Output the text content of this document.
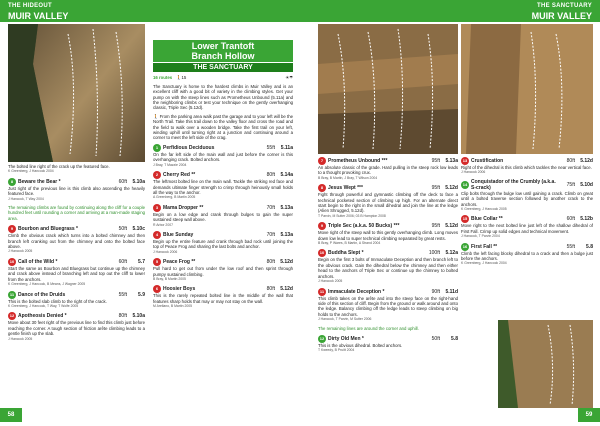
THE HIDEOUT
MUIR VALLEY
THE SANCTUARY
MUIR VALLEY
The bolted line right of the crack up the featured face.
K Greenberg, J Hancock 2004
8 Beware the Bear *	60ft	5.10a
Just right of the previous line is this climb also ascending the heavily featured face.
J Hancock, T Way 2004
The remaining climbs are found by continuing along the cliff for a couple hundred feet until rounding a corner and arriving at a man-made staging area.
9 Bourbon and Bluegrass *	50ft	5.10c
Climb the obvious crack which turns into a bolted chimney and then branch left cranking out from the chimney and onto the bolted face above.
J Hancock 2005
10 Call of the Wild *	60ft	5.7
Start the same as Bourbon and Bluegrass but continue up the chimney and crack above instead of branching left and top out the cliff to lower from the anchors.
K Greenberg, J Hancock, B Means, J Wagner 2005
11 Dance of the Druids	55ft	5.9
This is the bolted slab climb to the right of the crack.
K Greenberg, J Hancock, T Way, T Wolfe 2005
12 Apotheosis Denied *	80ft	5.10a
Move about 30 feet right of the previous line to find this climb just before reaching the corner. A tough section of friction arête climbing leads to a gentle finish up the slab.
J Hancock 2005
Lower Trantoft
Branch Hollow
THE SANCTUARY
16 routes 🚶 15	☀☂
The Sanctuary is home to the hardest climbs in Muir Valley and is an excellent cliff with a good bit of variety in the climbing styles. Get your pump on with the steep lines such as Prometheus Unbound (5.11a) and the neighboring climbs or test your technique on the gently overhanging classic, Triple Sec (5.12d).
🚶 From the parking area walk past the garage and to your left will be the North Trail. Take this trail down to the valley floor and cross the road and the field to walk over a wooden bridge. Take the first trail on your left, winding uphill until turning right at a junction and continuing around a corner to meet the left side of the crag.
1 Perfidious Deciduous	55ft	5.11a
On the far left side of the main wall and just before the corner is this overhanging crack. Bolted anchors.
J Bray, T Mazzie 2004
2 Cherry Red **	80ft	5.14a
The leftmost bolted line on the main wall. Tackle the striking red face and demands ultimate finger strength to crimp through heinously small holds all the way to the anchor.
A Greenberg, B Martin 2005
3 Mama Dropper **	70ft	5.13a
Begin on a low edge and crank through bulges to gain the super sustained steep wall above.
R Arbor 2007
4 Blue Sunday	70ft	5.13a
Begin up the entire feature and crank through bad rock until joining the top of Peace Frog and sharing the last bolts and anchor.
J Hancock 2006
5 Peace Frog **	80ft	5.12d
Pull hard to get out from under the low roof and then sprint through pumpy sustained climbing.
B Bray, B Martin 2005
6 Hoosier Boys	80ft	5.12d
This is the rarely repeated bolted line in the middle of the wall that features sharp holds that may or may not stay on the wall.
M Arellano, B Martin 2005
7 Prometheus Unbound ***	95ft	5.13a
An absolute classic of the grade. Hard pulling in the steep rock low leads to a thought provoking crux.
B Bray, B Martin, J Bray, T Wilson 2004
8 Jesus Wept ***	95ft	5.12d
Fight through powerful and gymnastic climbing off the deck to face a technical pocketed section of climbing up high. For an alternate direct start begin to the right in the small dihedral and join the line at the ledge (Alien Shrugged, 5.12d).
T Parvin, M Sutter 2006; 03 B Hampton 2008
9 Triple Sec (a.k.a. 50 Bucks) ***	95ft	5.12d
Move right of the steep wall to this gently overhanging climb. Long moves down low lead to super technical climbing separated by great rests.
B Bray, P Wares, B Martin, A Strand 2004
10 Buddha Slept *	100ft	5.12a
Begin on the first 3 bolts of Immaculate Deception and then branch left to the obvious crack. Gain the dihedral below the chimney and then either head to the anchors of Triple Sec or continue up the chimney to bolted anchors.
J Hancock 2005
11 Immaculate Deception *	90ft	5.11d
This climb takes on the arête and into the steep face on the right-hand side of this section of cliff. Begin from the ground or walk around and onto the ledge. Balancy climbing off the ledge leads to steep climbing on big holds to the anchors.
J Hancock, T Parvin, M Sutter 2006
The remaining lines are around the corner and uphill.
12 Dirty Old Men *	50ft	5.8
This is the obvious dihedral. Bolted anchors.
T Kweedy, B Pruitt 2004
13 Crustification	80ft	5.12d
Right of the dihedral is this climb which tackles the near vertical face.
J Hancock 2006
14 Conquistador of the Crumbly (a.k.a. S-crack)	75ft	5.10d
Clip bolts through the bulge low until gaining a crack. Climb on great until a bolted traverse section followed by another crack to the anchors.
K Greenberg, J Hancock 2005
15 Blue Collar **	60ft	5.12b
Move right to the next bolted line just left of the shallow dihedral of First Fall. Crimp up solid edges and technical movement.
J Hancock, T Parvin 2004
16 First Fall **	55ft	5.8
Climb the left facing blocky dihedral to a crack and then a bulge just before the anchors.
K Greenberg, J Hancock 2004
58	59
